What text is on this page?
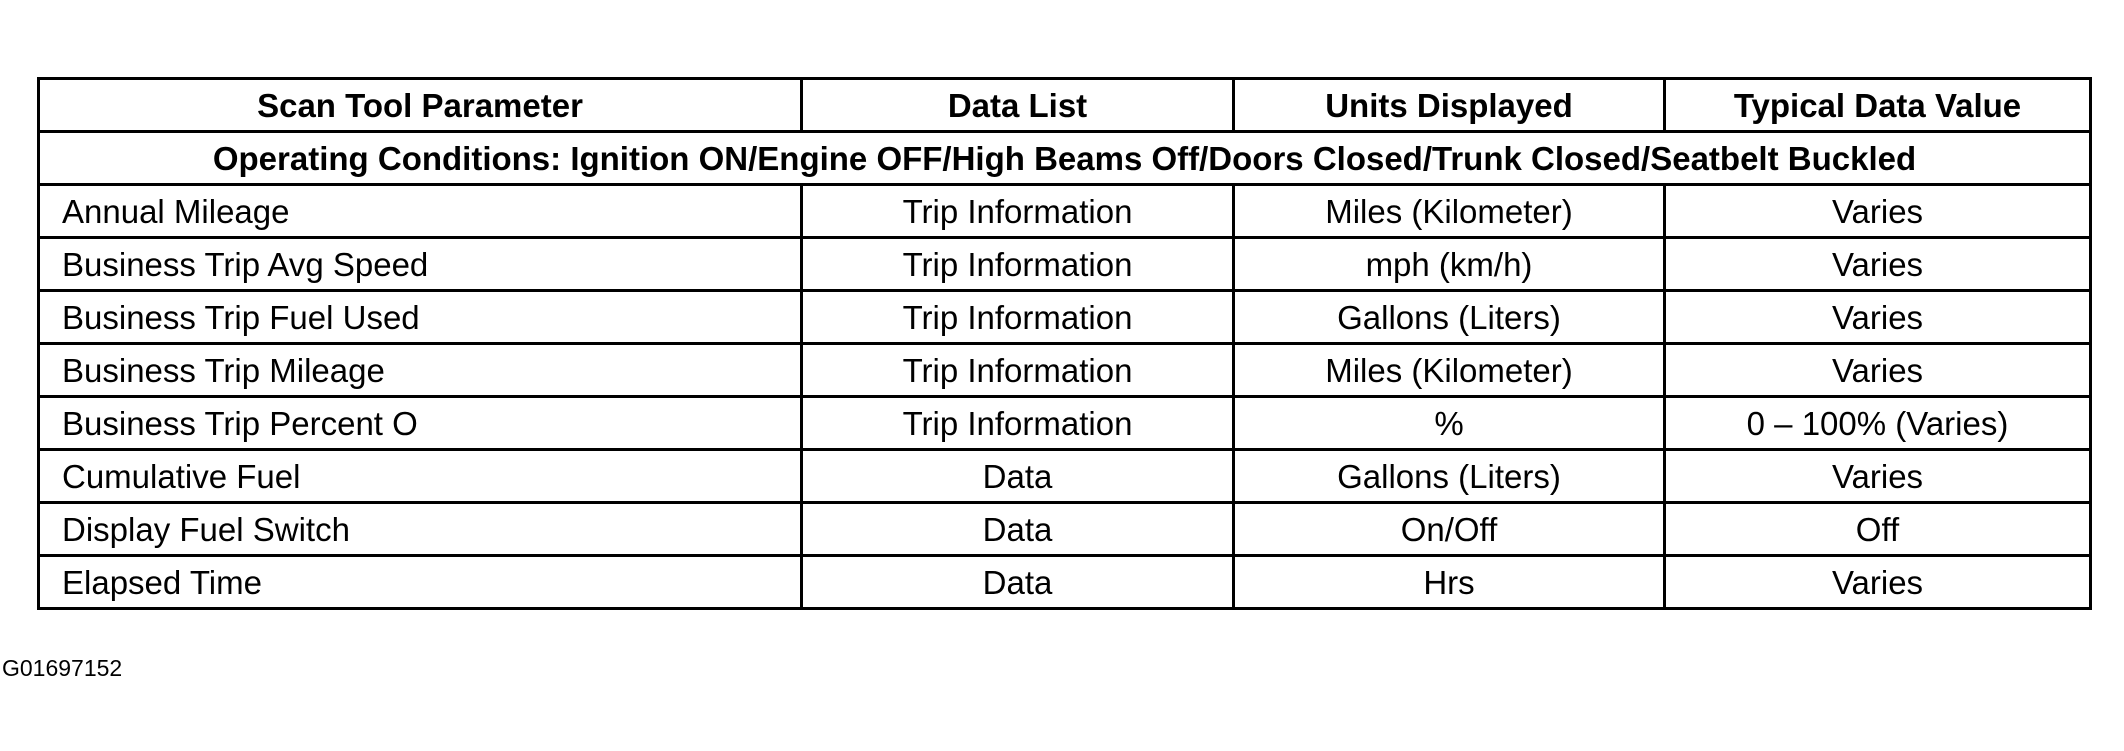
Scan Tool Parameter	Data List	Units Displayed	Typical Data Value
Operating Conditions: Ignition ON/Engine OFF/High Beams Off/Doors Closed/Trunk Closed/Seatbelt Buckled			
Annual Mileage	Trip Information	Miles (Kilometer)	Varies
Business Trip Avg Speed	Trip Information	mph (km/h)	Varies
Business Trip Fuel Used	Trip Information	Gallons (Liters)	Varies
Business Trip Mileage	Trip Information	Miles (Kilometer)	Varies
Business Trip Percent O	Trip Information	%	0 – 100% (Varies)
Cumulative Fuel	Data	Gallons (Liters)	Varies
Display Fuel Switch	Data	On/Off	Off
Elapsed Time	Data	Hrs	Varies
G01697152
